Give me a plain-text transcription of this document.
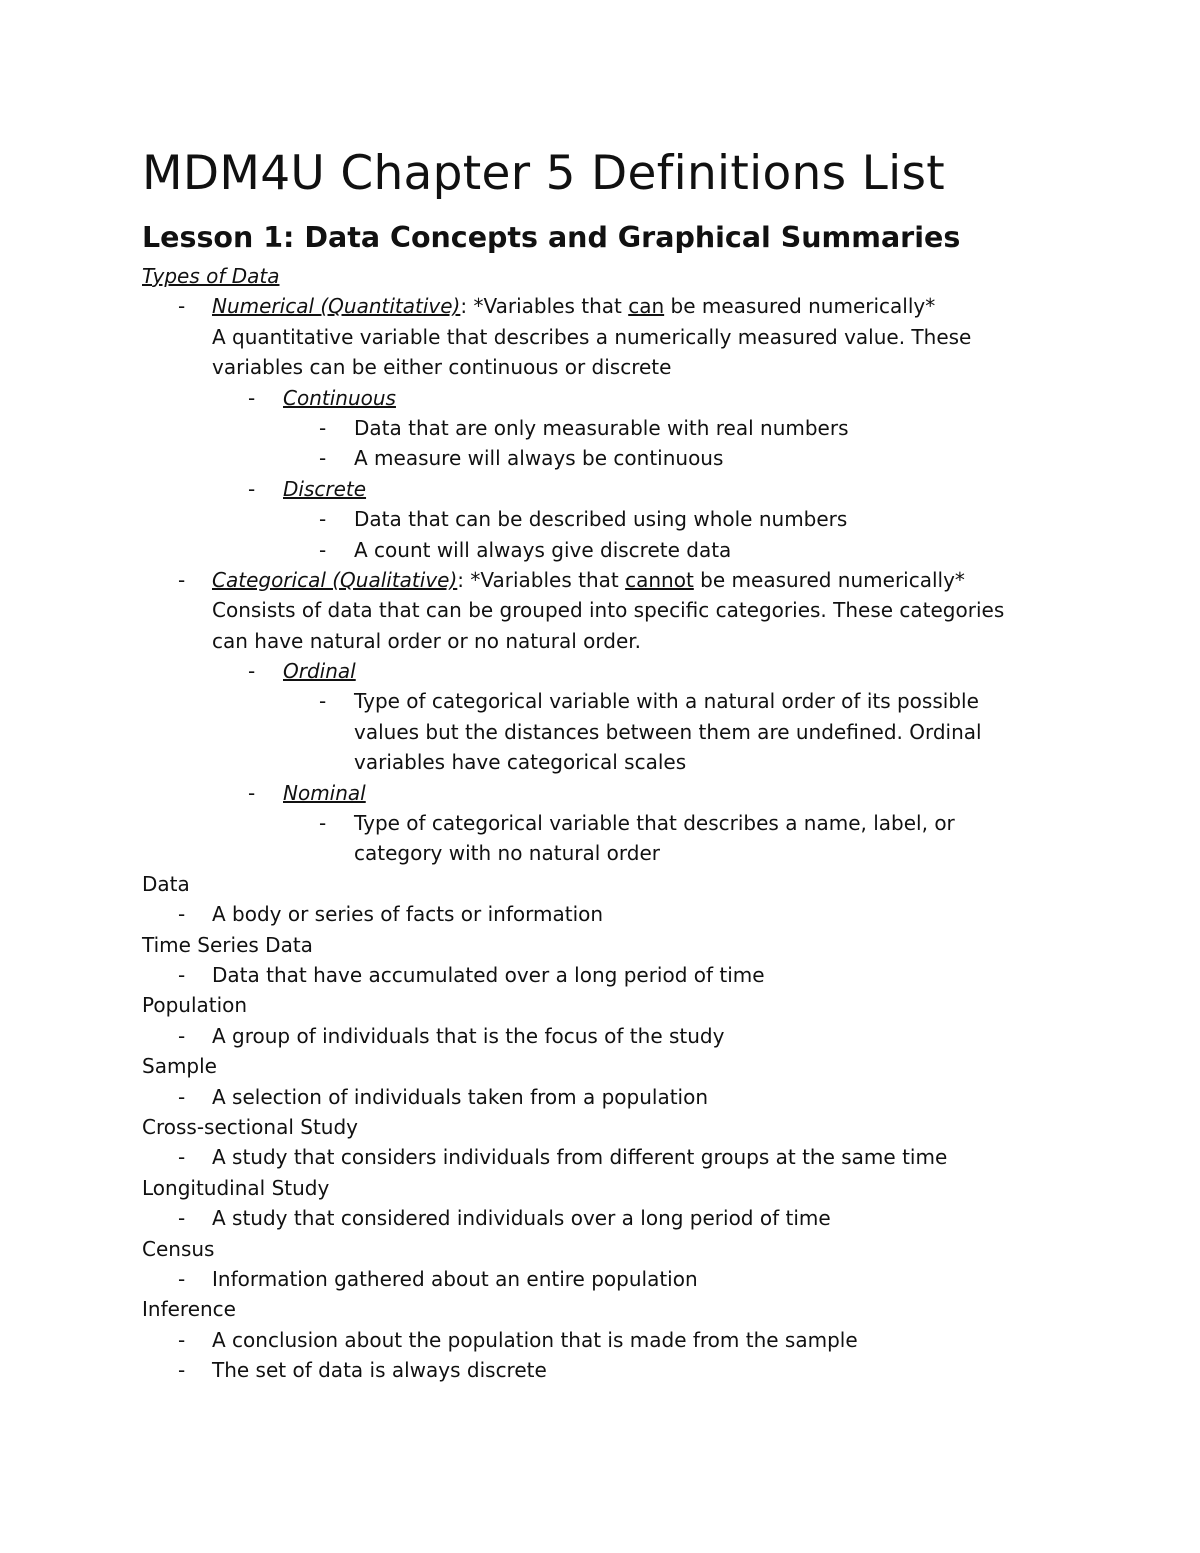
MDM4U Chapter 5 Definitions List
Lesson 1: Data Concepts and Graphical Summaries
Types of Data
- Numerical (Quantitative): *Variables that can be measured numerically*
A quantitative variable that describes a numerically measured value. These
variables can be either continuous or discrete
- Continuous
- Data that are only measurable with real numbers
- A measure will always be continuous
- Discrete
- Data that can be described using whole numbers
- A count will always give discrete data
- Categorical (Qualitative): *Variables that cannot be measured numerically*
Consists of data that can be grouped into specific categories. These categories
can have natural order or no natural order.
- Ordinal
- Type of categorical variable with a natural order of its possible
values but the distances between them are undefined. Ordinal
variables have categorical scales
- Nominal
- Type of categorical variable that describes a name, label, or
category with no natural order
Data
- A body or series of facts or information
Time Series Data
- Data that have accumulated over a long period of time
Population
- A group of individuals that is the focus of the study
Sample
- A selection of individuals taken from a population
Cross-sectional Study
- A study that considers individuals from different groups at the same time
Longitudinal Study
- A study that considered individuals over a long period of time
Census
- Information gathered about an entire population
Inference
- A conclusion about the population that is made from the sample
- The set of data is always discrete
